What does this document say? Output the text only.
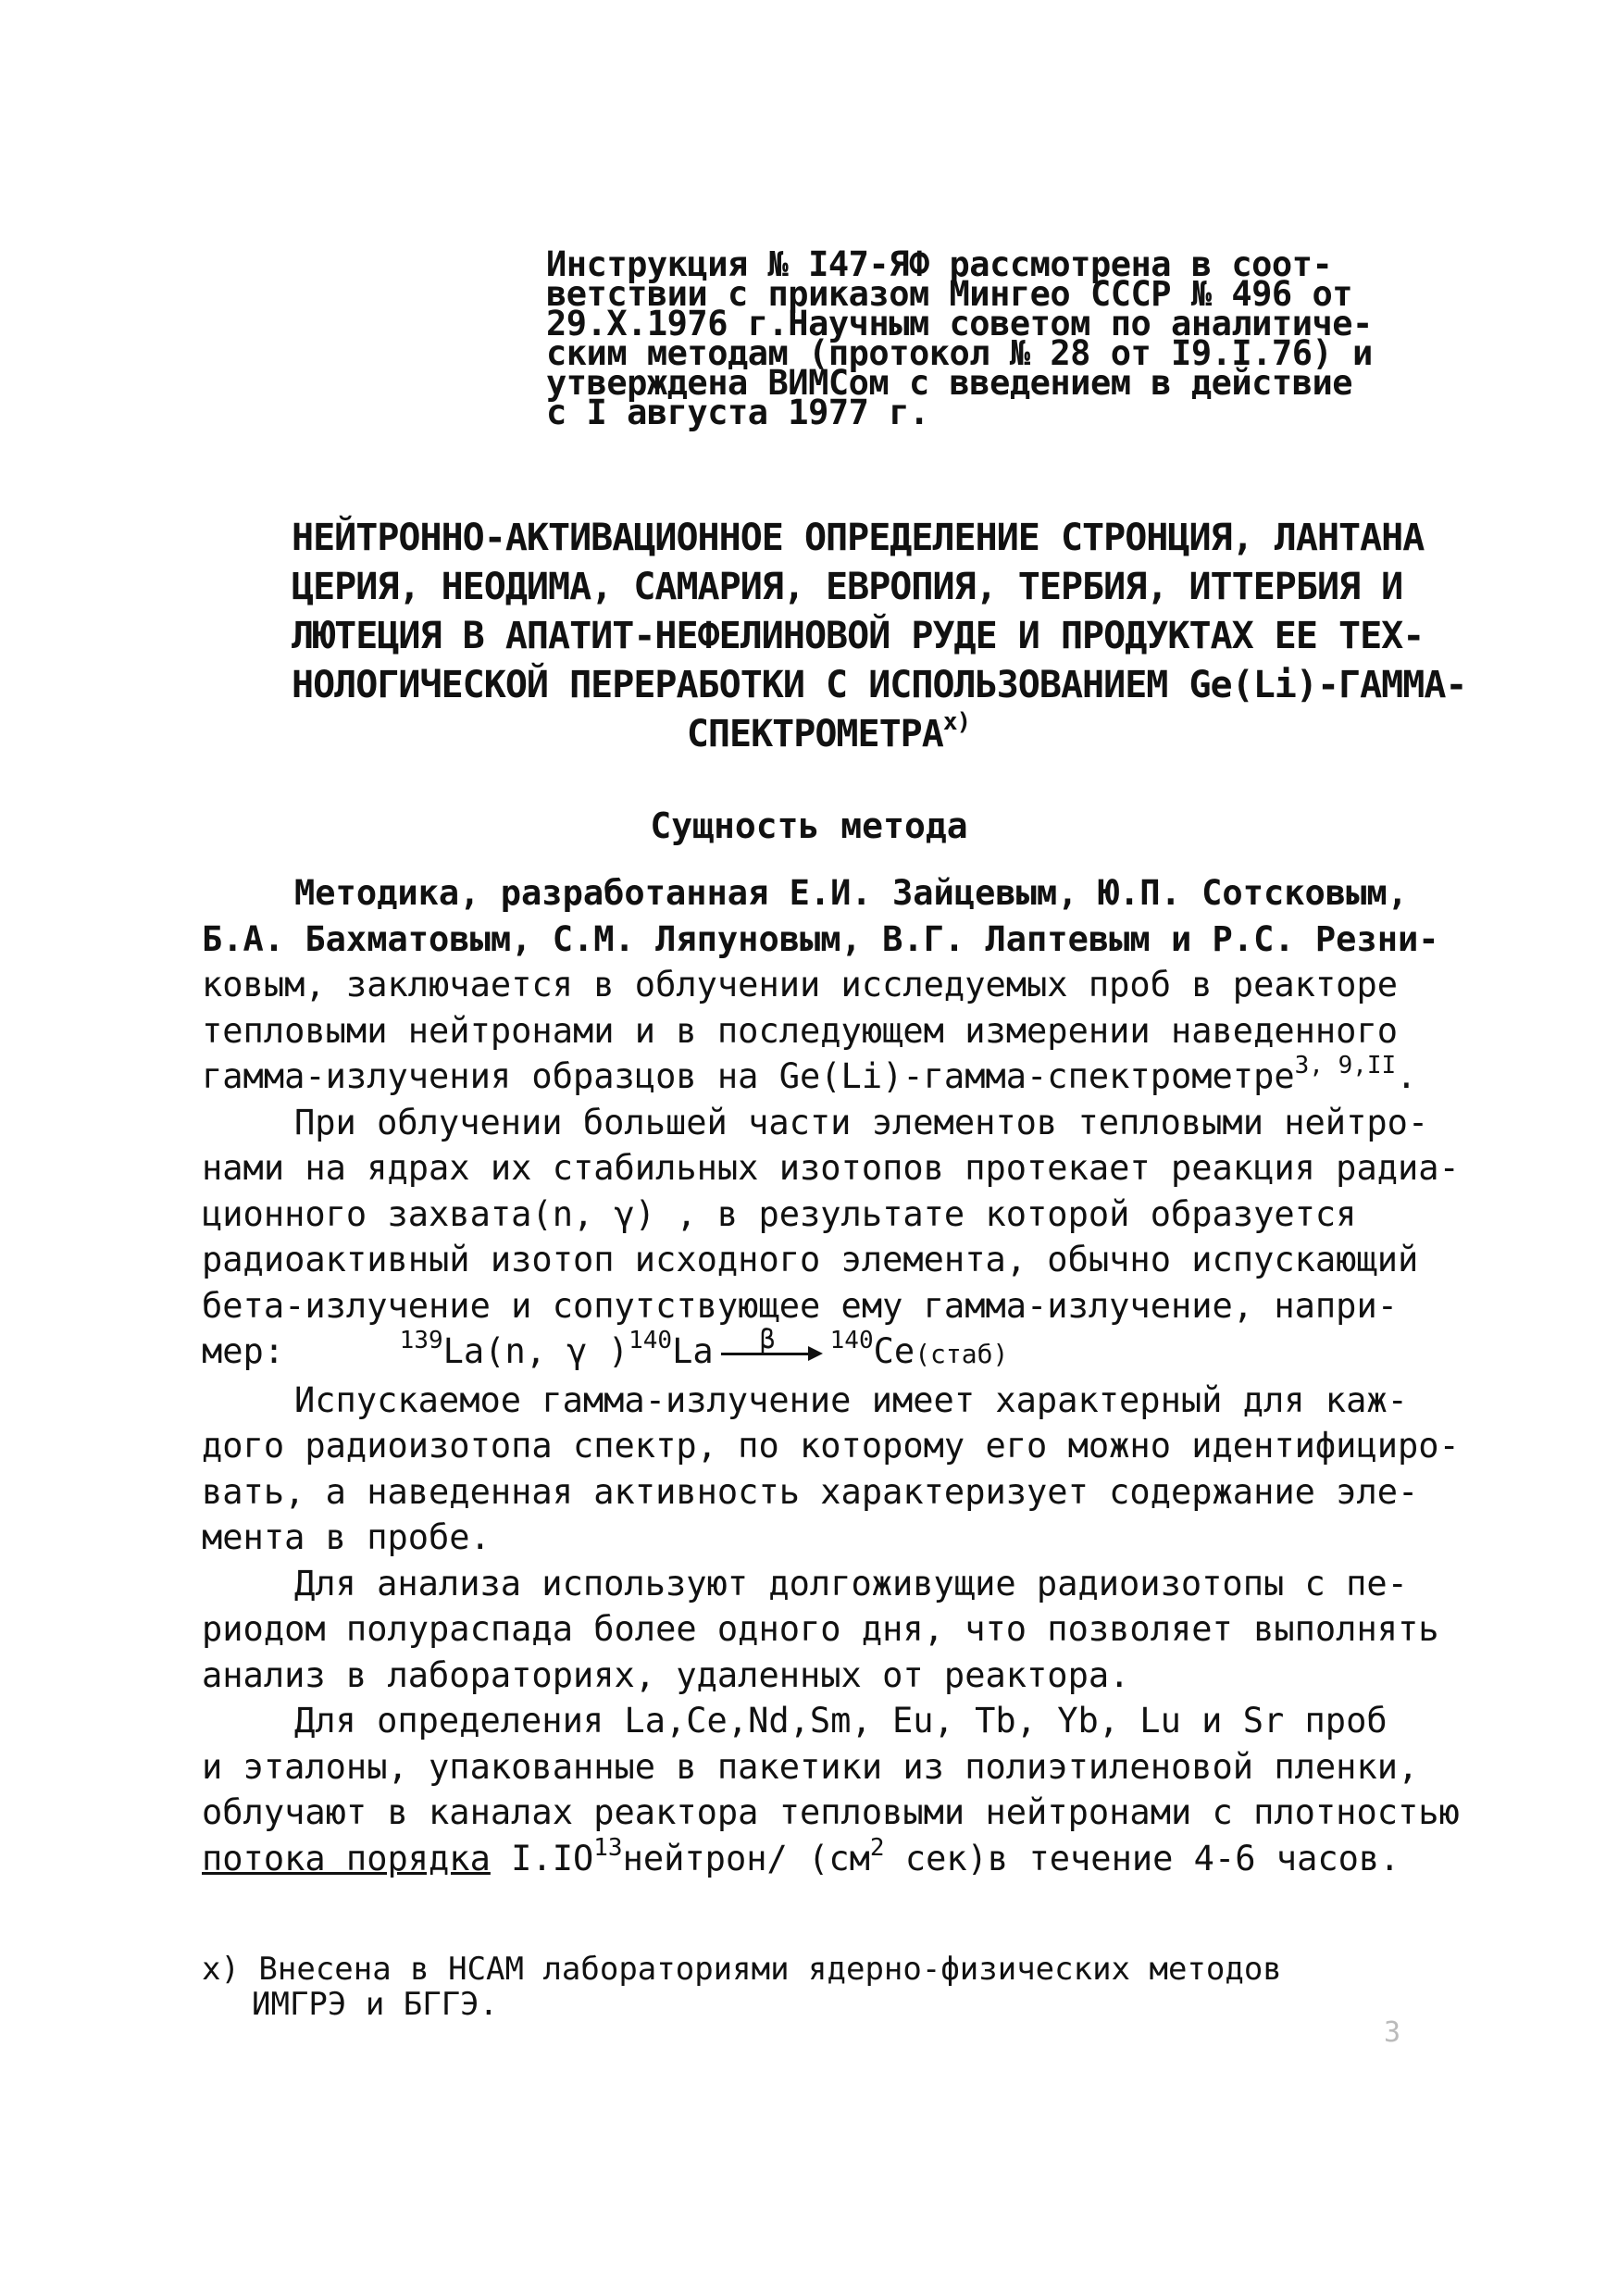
Инструкция № I47-ЯФ рассмотрена в соот-
ветствии с приказом Мингео СССР № 496 от
29.Х.1976 г.Научным советом по аналитиче-
ским методам (протокол № 28 от I9.I.76) и
утверждена ВИМСом с введением в действие
с I августа 1977 г.
НЕЙТРОННО-АКТИВАЦИОННОЕ ОПРЕДЕЛЕНИЕ СТРОНЦИЯ, ЛАНТАНА
ЦЕРИЯ, НЕОДИМА, САМАРИЯ, ЕВРОПИЯ, ТЕРБИЯ, ИТТЕРБИЯ И
ЛЮТЕЦИЯ В АПАТИТ-НЕФЕЛИНОВОЙ РУДЕ И ПРОДУКТАХ ЕЕ ТЕХ-
НОЛОГИЧЕСКОЙ ПЕРЕРАБОТКИ С ИСПОЛЬЗОВАНИЕМ Ge(Li)-ГАММА-
$СПЕКТРОМЕТРА^{х)}$
Сущность метода
Методика, разработанная Е.И. Зайцевым, Ю.П. Сотсковым,
Б.А. Бахматовым, С.М. Ляпуновым, В.Г. Лаптевым и Р.С. Резни-
ковым, заключается в облучении исследуемых проб в реакторе
тепловыми нейтронами и в последующем измерении наведенного
гамма-излучения образцов на Ge(Li)-гамма-спектрометре$^{3, 9,II}$.
При облучении большей части элементов тепловыми нейтро-
нами на ядрах их стабильных изотопов протекает реакция радиа-
ционного захвата(n, γ) , в результате которой образуется
радиоактивный изотоп исходного элемента, обычно испускающий
бета-излучение и сопутствующее ему гамма-излучение, напри-
мер:	$^{139}$La(n, γ )$^{140}$La β $^{140}$Ce(стаб)
Испускаемое гамма-излучение имеет характерный для каж-
дого радиоизотопа спектр, по которому его можно идентифициро-
вать, а наведенная активность характеризует содержание эле-
мента в пробе.
Для анализа используют долгоживущие радиоизотопы с пе-
риодом полураспада более одного дня, что позволяет выполнять
анализ в лабораториях, удаленных от реактора.
Для определения La,Ce,Nd,Sm, Eu, Tb, Yb, Lu и Sr проб
и эталоны, упакованные в пакетики из полиэтиленовой пленки,
облучают в каналах реактора тепловыми нейтронами с плотностью
потока порядка I.IO$^{13}$нейтрон/ ($см^2$ сек)в течение 4-6 часов.
х) Внесена в НСАМ лабораториями ядерно-физических методов
ИМГРЭ и БГГЭ.
3
